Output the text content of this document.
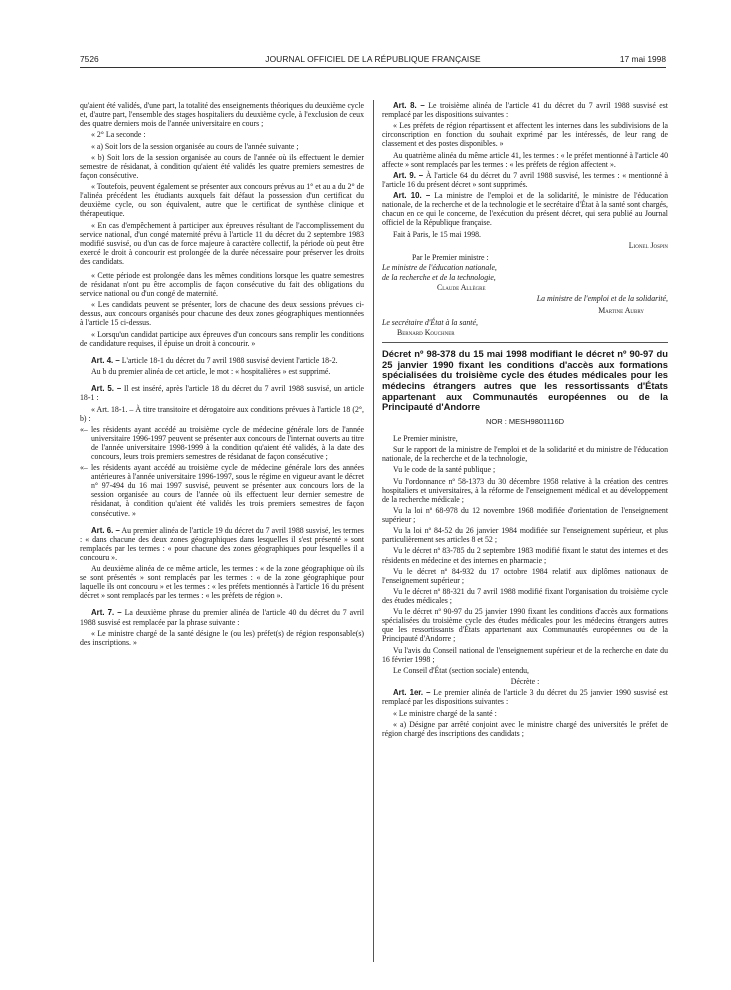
7526	JOURNAL OFFICIEL DE LA RÉPUBLIQUE FRANÇAISE	17 mai 1998

qu'aient été validés, d'une part, la totalité des enseignements théoriques du deuxième cycle et, d'autre part, l'ensemble des stages hospitaliers du deuxième cycle, à l'exclusion de ceux des quatre derniers mois de l'année universitaire en cours ;

« 2° La seconde :

« a) Soit lors de la session organisée au cours de l'année suivante ;

« b) Soit lors de la session organisée au cours de l'année où ils effectuent le dernier semestre de résidanat, à condition qu'aient été validés les quatre premiers semestres de façon consécutive.

« Toutefois, peuvent également se présenter aux concours prévus au 1° et au a du 2° de l'alinéa précédent les étudiants auxquels fait défaut la possession d'un certificat du deuxième cycle, ou son équivalent, autre que le certificat de synthèse clinique et thérapeutique.

« En cas d'empêchement à participer aux épreuves résultant de l'accomplissement du service national, d'un congé maternité prévu à l'article 11 du décret du 2 septembre 1983 modifié susvisé, ou d'un cas de force majeure à caractère collectif, la période où peut être exercé le droit à concourir est prolongée de la durée nécessaire pour préserver les droits des candidats.

« Cette période est prolongée dans les mêmes conditions lorsque les quatre semestres de résidanat n'ont pu être accomplis de façon consécutive du fait des obligations du service national ou d'un congé de maternité.

« Les candidats peuvent se présenter, lors de chacune des deux sessions prévues ci-dessus, aux concours organisés pour chacune des deux zones géographiques mentionnées à l'article 15 ci-dessus.

« Lorsqu'un candidat participe aux épreuves d'un concours sans remplir les conditions de candidature requises, il épuise un droit à concourir. »

Art. 4. – L'article 18-1 du décret du 7 avril 1988 susvisé devient l'article 18-2.

Au b du premier alinéa de cet article, le mot : « hospitalières » est supprimé.

Art. 5. – Il est inséré, après l'article 18 du décret du 7 avril 1988 susvisé, un article 18-1 :

« Art. 18-1. – À titre transitoire et dérogatoire aux conditions prévues à l'article 18 (2°, b) :

«– les résidents ayant accédé au troisième cycle de médecine générale lors de l'année universitaire 1996-1997 peuvent se présenter aux concours de l'internat ouverts au titre de l'année universitaire 1998-1999 à la condition qu'aient été validés, à la date des concours, leurs trois premiers semestres de résidanat de façon consécutive ;

«– les résidents ayant accédé au troisième cycle de médecine générale lors des années antérieures à l'année universitaire 1996-1997, sous le régime en vigueur avant le décret n° 97-494 du 16 mai 1997 susvisé, peuvent se présenter aux concours lors de la session organisée au cours de l'année où ils effectuent leur dernier semestre de résidanat, à condition qu'aient été validés les trois premiers semestres de façon consécutive. »

Art. 6. – Au premier alinéa de l'article 19 du décret du 7 avril 1988 susvisé, les termes : « dans chacune des deux zones géographiques dans lesquelles il s'est présenté » sont remplacés par les termes : « pour chacune des zones géographiques pour lesquelles il a concouru ».

Au deuxième alinéa de ce même article, les termes : « de la zone géographique où ils se sont présentés » sont remplacés par les termes : « de la zone géographique pour laquelle ils ont concouru » et les termes : « les préfets mentionnés à l'article 16 du présent décret » sont remplacés par les termes : « les préfets de région ».

Art. 7. – La deuxième phrase du premier alinéa de l'article 40 du décret du 7 avril 1988 susvisé est remplacée par la phrase suivante :

« Le ministre chargé de la santé désigne le (ou les) préfet(s) de région responsable(s) des inscriptions. »

Art. 8. – Le troisième alinéa de l'article 41 du décret du 7 avril 1988 susvisé est remplacé par les dispositions suivantes :

« Les préfets de région répartissent et affectent les internes dans les subdivisions de la circonscription en fonction du souhait exprimé par les intéressés, de leur rang de classement et des postes disponibles. »

Au quatrième alinéa du même article 41, les termes : « le préfet mentionné à l'article 40 affecte » sont remplacés par les termes : « les préfets de région affectent ».

Art. 9. – À l'article 64 du décret du 7 avril 1988 susvisé, les termes : « mentionné à l'article 16 du présent décret » sont supprimés.

Art. 10. – La ministre de l'emploi et de la solidarité, le ministre de l'éducation nationale, de la recherche et de la technologie et le secrétaire d'État à la santé sont chargés, chacun en ce qui le concerne, de l'exécution du présent décret, qui sera publié au Journal officiel de la République française.

Fait à Paris, le 15 mai 1998.

Lionel Jospin

Par le Premier ministre :

Le ministre de l'éducation nationale,

de la recherche et de la technologie,

Claude Allègre

La ministre de l'emploi et de la solidarité,

Martine Aubry

Le secrétaire d'État à la santé,

Bernard Kouchner

Décret nº 98-378 du 15 mai 1998 modifiant le décret nº 90-97 du 25 janvier 1990 fixant les conditions d'accès aux formations spécialisées du troisième cycle des études médicales pour les médecins étrangers autres que les ressortissants d'États appartenant aux Communautés européennes ou de la Principauté d'Andorre

NOR : MESH9801116D

Le Premier ministre,

Sur le rapport de la ministre de l'emploi et de la solidarité et du ministre de l'éducation nationale, de la recherche et de la technologie,

Vu le code de la santé publique ;

Vu l'ordonnance nº 58-1373 du 30 décembre 1958 relative à la création des centres hospitaliers et universitaires, à la réforme de l'enseignement médical et au développement de la recherche médicale ;

Vu la loi nº 68-978 du 12 novembre 1968 modifiée d'orientation de l'enseignement supérieur ;

Vu la loi nº 84-52 du 26 janvier 1984 modifiée sur l'enseignement supérieur, et plus particulièrement ses articles 8 et 52 ;

Vu le décret nº 83-785 du 2 septembre 1983 modifié fixant le statut des internes et des résidents en médecine et des internes en pharmacie ;

Vu le décret nº 84-932 du 17 octobre 1984 relatif aux diplômes nationaux de l'enseignement supérieur ;

Vu le décret nº 88-321 du 7 avril 1988 modifié fixant l'organisation du troisième cycle des études médicales ;

Vu le décret nº 90-97 du 25 janvier 1990 fixant les conditions d'accès aux formations spécialisées du troisième cycle des études médicales pour les médecins étrangers autres que les ressortissants d'États appartenant aux Communautés européennes ou de la Principauté d'Andorre ;

Vu l'avis du Conseil national de l'enseignement supérieur et de la recherche en date du 16 février 1998 ;

Le Conseil d'État (section sociale) entendu,

Décrète :

Art. 1er. – Le premier alinéa de l'article 3 du décret du 25 janvier 1990 susvisé est remplacé par les dispositions suivantes :

« Le ministre chargé de la santé :

« a) Désigne par arrêté conjoint avec le ministre chargé des universités le préfet de région chargé des inscriptions des candidats ;
